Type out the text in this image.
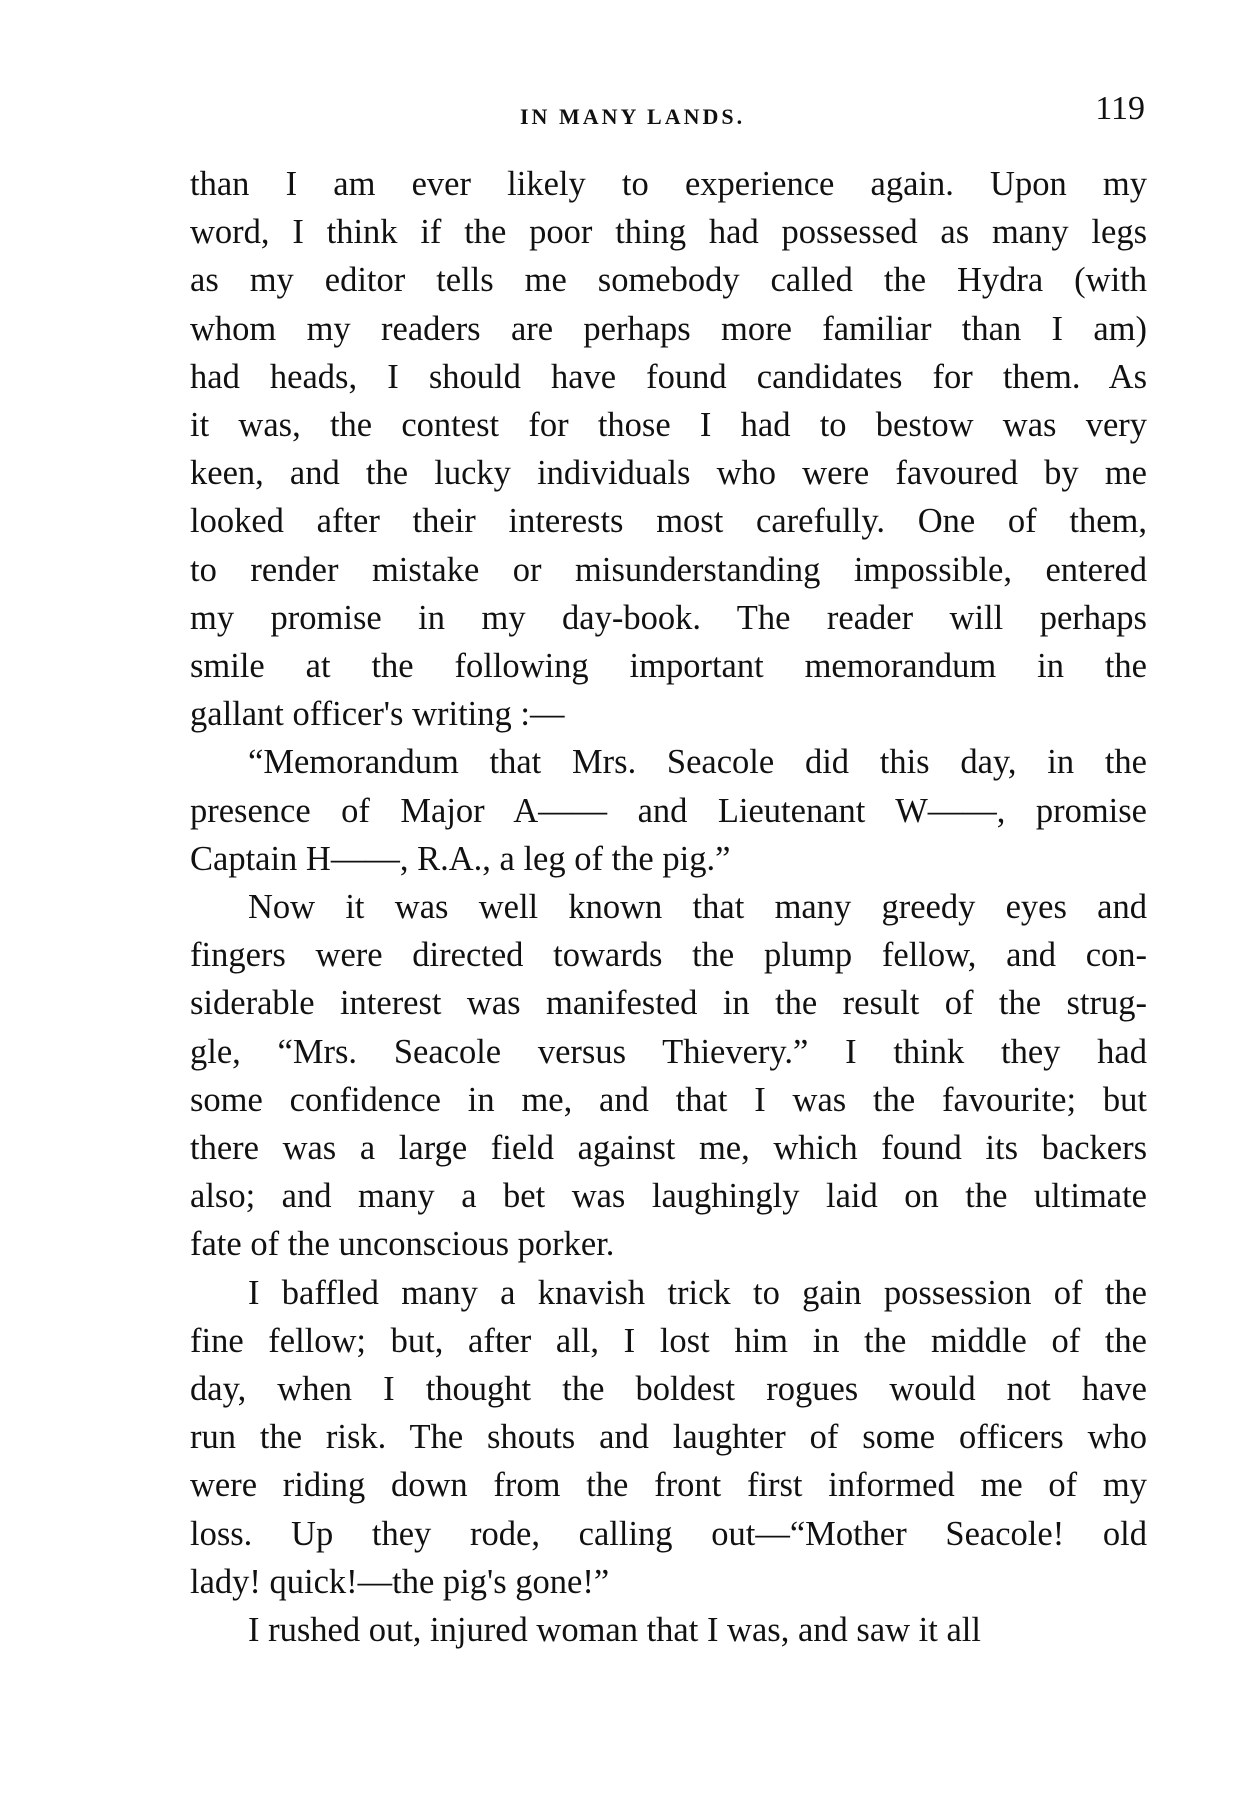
IN MANY LANDS.	119

than I am ever likely to experience again. Upon my
word, I think if the poor thing had possessed as many legs
as my editor tells me somebody called the Hydra (with
whom my readers are perhaps more familiar than I am)
had heads, I should have found candidates for them. As
it was, the contest for those I had to bestow was very
keen, and the lucky individuals who were favoured by me
looked after their interests most carefully. One of them,
to render mistake or misunderstanding impossible, entered
my promise in my day-book. The reader will perhaps
smile at the following important memorandum in the
gallant officer's writing :—

“Memorandum that Mrs. Seacole did this day, in the
presence of Major A—— and Lieutenant W——, promise
Captain H——, R.A., a leg of the pig.”

Now it was well known that many greedy eyes and
fingers were directed towards the plump fellow, and con-
siderable interest was manifested in the result of the strug-
gle, “Mrs. Seacole versus Thievery.” I think they had
some confidence in me, and that I was the favourite; but
there was a large field against me, which found its backers
also; and many a bet was laughingly laid on the ultimate
fate of the unconscious porker.

I baffled many a knavish trick to gain possession of the
fine fellow; but, after all, I lost him in the middle of the
day, when I thought the boldest rogues would not have
run the risk. The shouts and laughter of some officers who
were riding down from the front first informed me of my
loss. Up they rode, calling out—“Mother Seacole! old
lady! quick!—the pig's gone!”

I rushed out, injured woman that I was, and saw it all
